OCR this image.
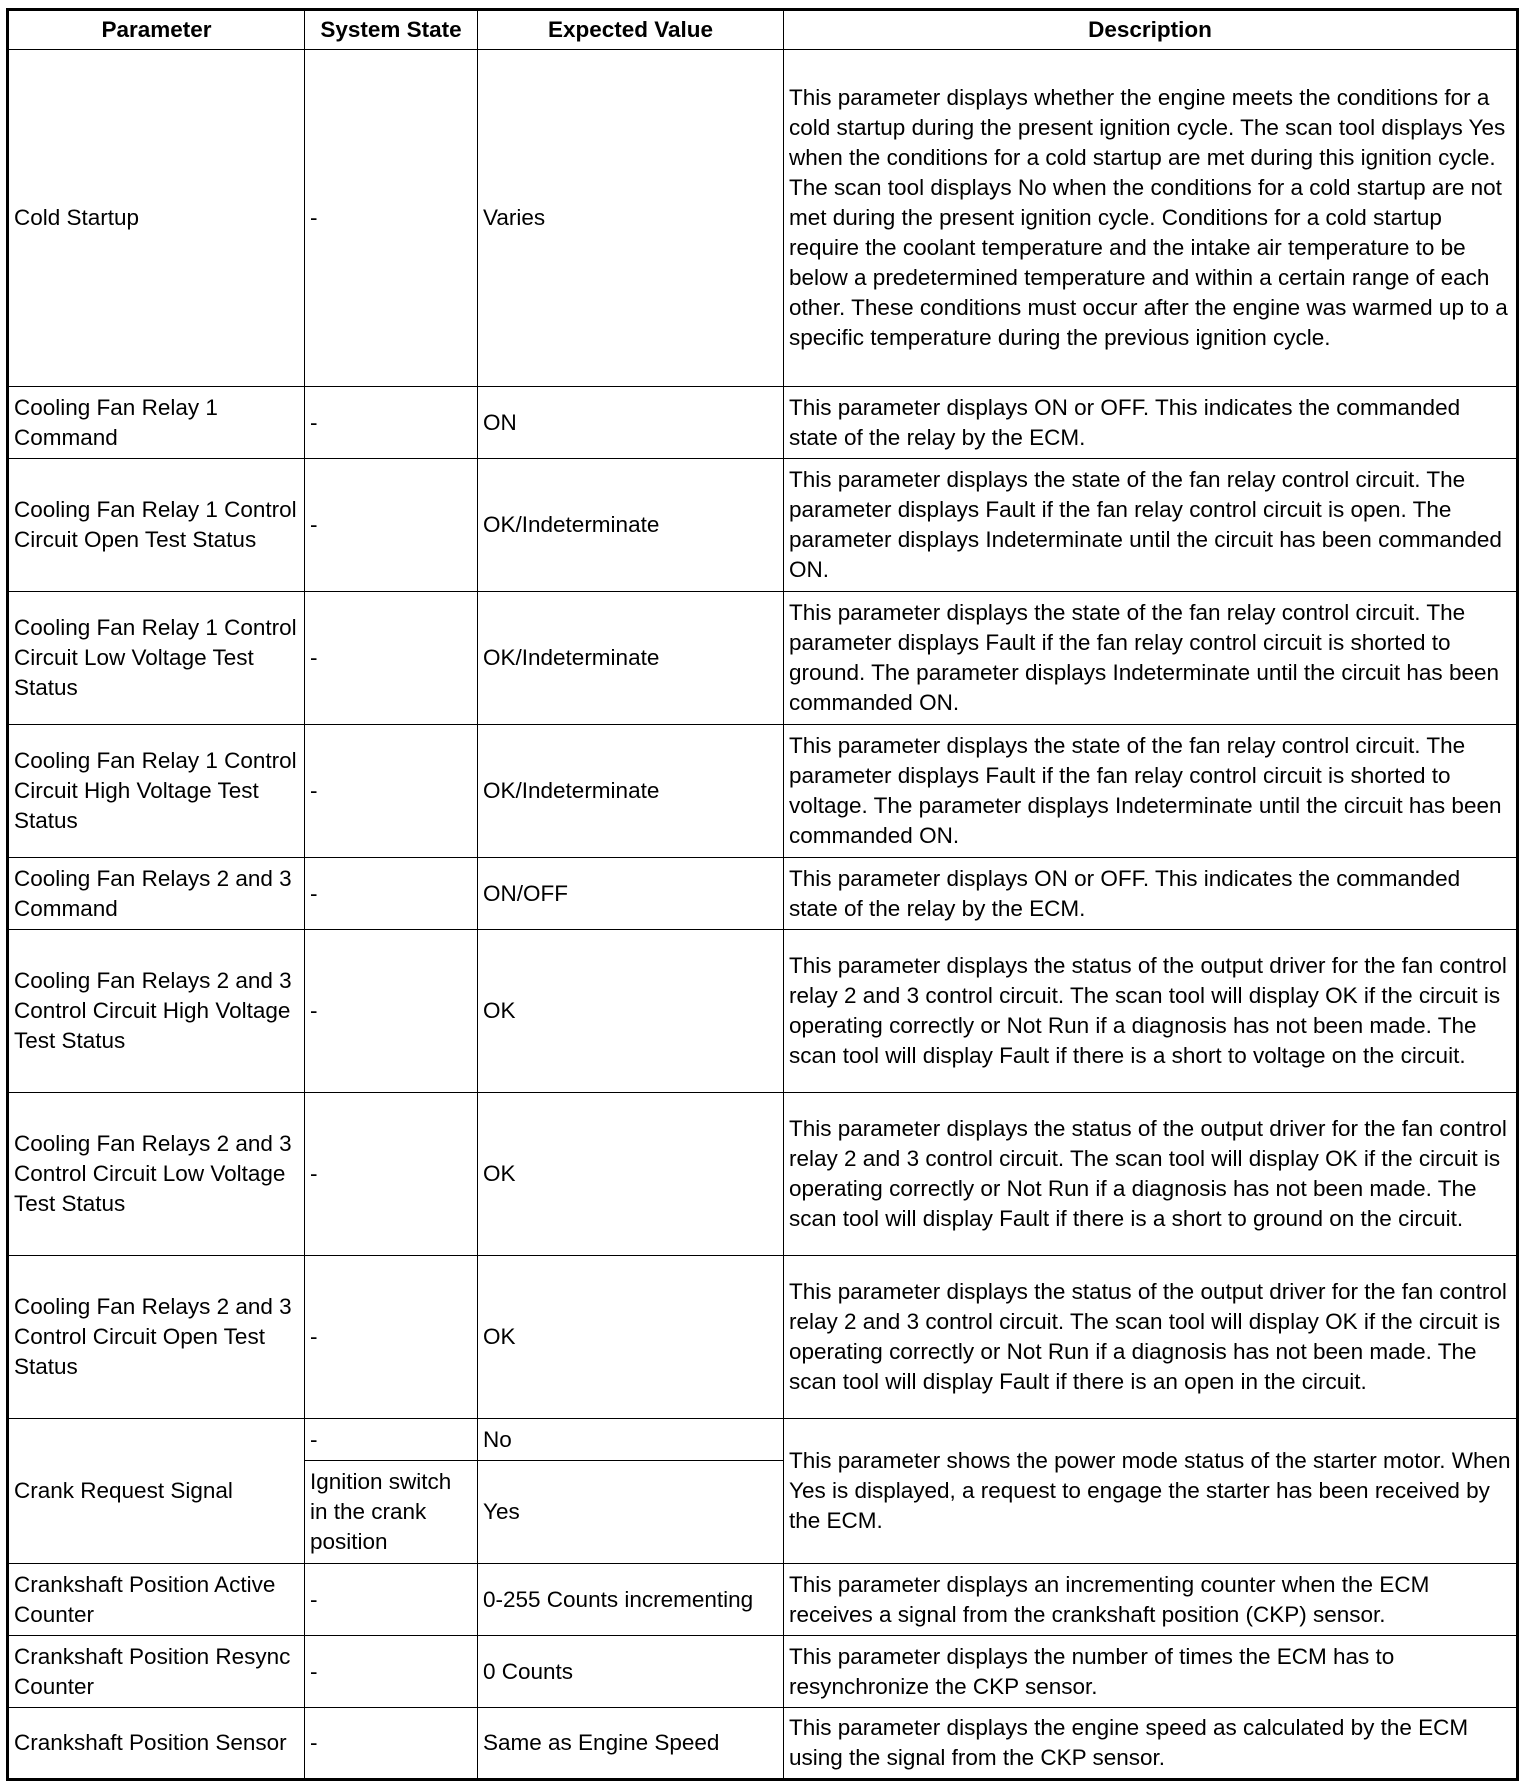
Parameter	System State	Expected Value	Description
Cold Startup	-	Varies	This parameter displays whether the engine meets the conditions for a cold startup during the present ignition cycle. The scan tool displays Yes when the conditions for a cold startup are met during this ignition cycle. The scan tool displays No when the conditions for a cold startup are not met during the present ignition cycle. Conditions for a cold startup require the coolant temperature and the intake air temperature to be below a predetermined temperature and within a certain range of each other. These conditions must occur after the engine was warmed up to a specific temperature during the previous ignition cycle.
Cooling Fan Relay 1 Command	-	ON	This parameter displays ON or OFF. This indicates the commanded state of the relay by the ECM.
Cooling Fan Relay 1 Control Circuit Open Test Status	-	OK/Indeterminate	This parameter displays the state of the fan relay control circuit. The parameter displays Fault if the fan relay control circuit is open. The parameter displays Indeterminate until the circuit has been commanded ON.
Cooling Fan Relay 1 Control Circuit Low Voltage Test Status	-	OK/Indeterminate	This parameter displays the state of the fan relay control circuit. The parameter displays Fault if the fan relay control circuit is shorted to ground. The parameter displays Indeterminate until the circuit has been commanded ON.
Cooling Fan Relay 1 Control Circuit High Voltage Test Status	-	OK/Indeterminate	This parameter displays the state of the fan relay control circuit. The parameter displays Fault if the fan relay control circuit is shorted to voltage. The parameter displays Indeterminate until the circuit has been commanded ON.
Cooling Fan Relays 2 and 3 Command	-	ON/OFF	This parameter displays ON or OFF. This indicates the commanded state of the relay by the ECM.
Cooling Fan Relays 2 and 3 Control Circuit High Voltage Test Status	-	OK	This parameter displays the status of the output driver for the fan control relay 2 and 3 control circuit. The scan tool will display OK if the circuit is operating correctly or Not Run if a diagnosis has not been made. The scan tool will display Fault if there is a short to voltage on the circuit.
Cooling Fan Relays 2 and 3 Control Circuit Low Voltage Test Status	-	OK	This parameter displays the status of the output driver for the fan control relay 2 and 3 control circuit. The scan tool will display OK if the circuit is operating correctly or Not Run if a diagnosis has not been made. The scan tool will display Fault if there is a short to ground on the circuit.
Cooling Fan Relays 2 and 3 Control Circuit Open Test Status	-	OK	This parameter displays the status of the output driver for the fan control relay 2 and 3 control circuit. The scan tool will display OK if the circuit is operating correctly or Not Run if a diagnosis has not been made. The scan tool will display Fault if there is an open in the circuit.
Crank Request Signal	-	No	This parameter shows the power mode status of the starter motor. When Yes is displayed, a request to engage the starter has been received by the ECM.
	Ignition switch in the crank position	Yes	
Crankshaft Position Active Counter	-	0-255 Counts incrementing	This parameter displays an incrementing counter when the ECM receives a signal from the crankshaft position (CKP) sensor.
Crankshaft Position Resync Counter	-	0 Counts	This parameter displays the number of times the ECM has to resynchronize the CKP sensor.
Crankshaft Position Sensor	-	Same as Engine Speed	This parameter displays the engine speed as calculated by the ECM using the signal from the CKP sensor.
